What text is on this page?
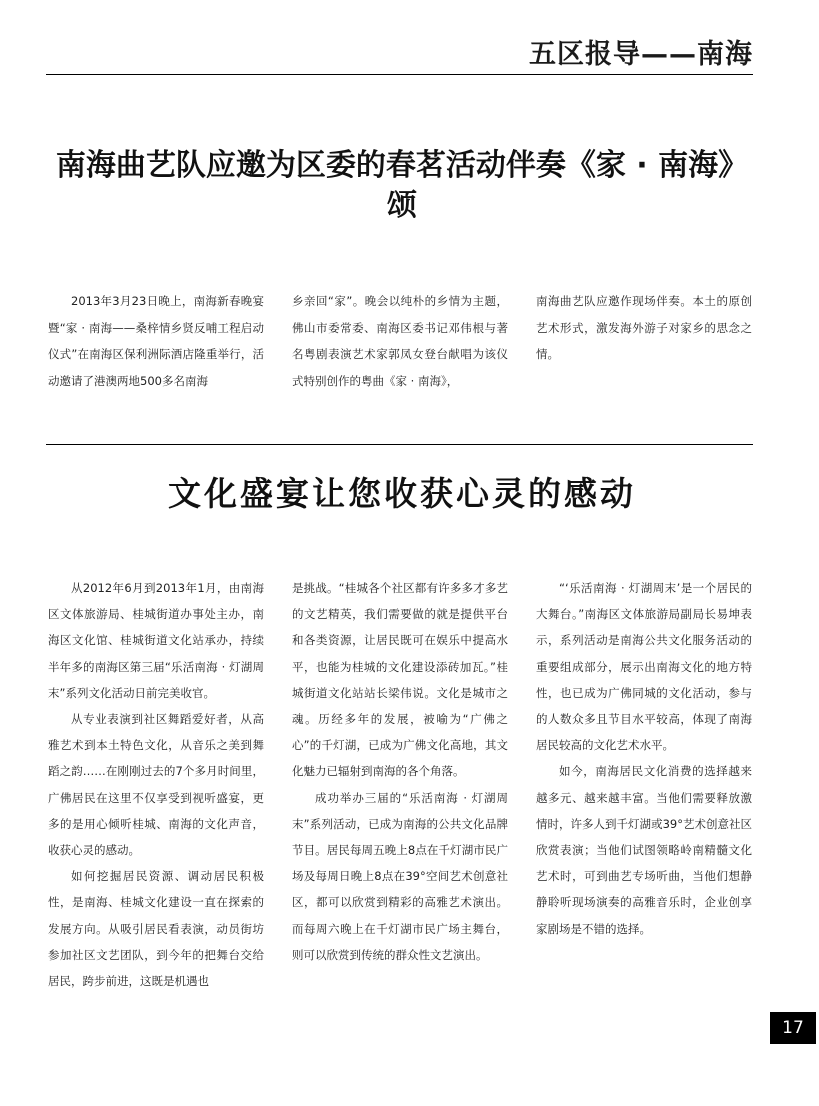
五区报导——南海
南海曲艺队应邀为区委的春茗活动伴奏《家 · 南海》颂

2013年3月23日晚上，南海新春晚宴暨“家 · 南海——桑梓情乡贤反哺工程启动仪式”在南海区保利洲际酒店隆重举行，活动邀请了港澳两地500多名南海

乡亲回“家”。晚会以纯朴的乡情为主题，佛山市委常委、南海区委书记邓伟根与著名粤剧表演艺术家郭凤女登台献唱为该仪式特别创作的粤曲《家 · 南海》，

南海曲艺队应邀作现场伴奏。本土的原创艺术形式，激发海外游子对家乡的思念之情。

文化盛宴让您收获心灵的感动

从2012年6月到2013年1月，由南海区文体旅游局、桂城街道办事处主办，南海区文化馆、桂城街道文化站承办，持续半年多的南海区第三届“乐活南海 · 灯湖周末”系列文化活动日前完美收官。

从专业表演到社区舞蹈爱好者，从高雅艺术到本土特色文化，从音乐之美到舞蹈之韵……在刚刚过去的7个多月时间里，广佛居民在这里不仅享受到视听盛宴，更多的是用心倾听桂城、南海的文化声音，收获心灵的感动。

如何挖掘居民资源、调动居民积极性，是南海、桂城文化建设一直在探索的发展方向。从吸引居民看表演，动员街坊参加社区文艺团队，到今年的把舞台交给居民，跨步前进，这既是机遇也

是挑战。“桂城各个社区都有许多多才多艺的文艺精英，我们需要做的就是提供平台和各类资源，让居民既可在娱乐中提高水平，也能为桂城的文化建设添砖加瓦。”桂城街道文化站站长梁伟说。文化是城市之魂。历经多年的发展，被喻为“广佛之心”的千灯湖，已成为广佛文化高地，其文化魅力已辐射到南海的各个角落。

成功举办三届的“乐活南海 · 灯湖周末”系列活动，已成为南海的公共文化品牌节目。居民每周五晚上8点在千灯湖市民广场及每周日晚上8点在39°空间艺术创意社区，都可以欣赏到精彩的高雅艺术演出。而每周六晚上在千灯湖市民广场主舞台，则可以欣赏到传统的群众性文艺演出。

“‘乐活南海 · 灯湖周末’是一个居民的大舞台。”南海区文体旅游局副局长易坤表示，系列活动是南海公共文化服务活动的重要组成部分，展示出南海文化的地方特性，也已成为广佛同城的文化活动，参与的人数众多且节目水平较高，体现了南海居民较高的文化艺术水平。

如今，南海居民文化消费的选择越来越多元、越来越丰富。当他们需要释放激情时，许多人到千灯湖或39°艺术创意社区欣赏表演；当他们试图领略岭南精髓文化艺术时，可到曲艺专场听曲，当他们想静静聆听现场演奏的高雅音乐时，企业创享家剧场是不错的选择。

17
